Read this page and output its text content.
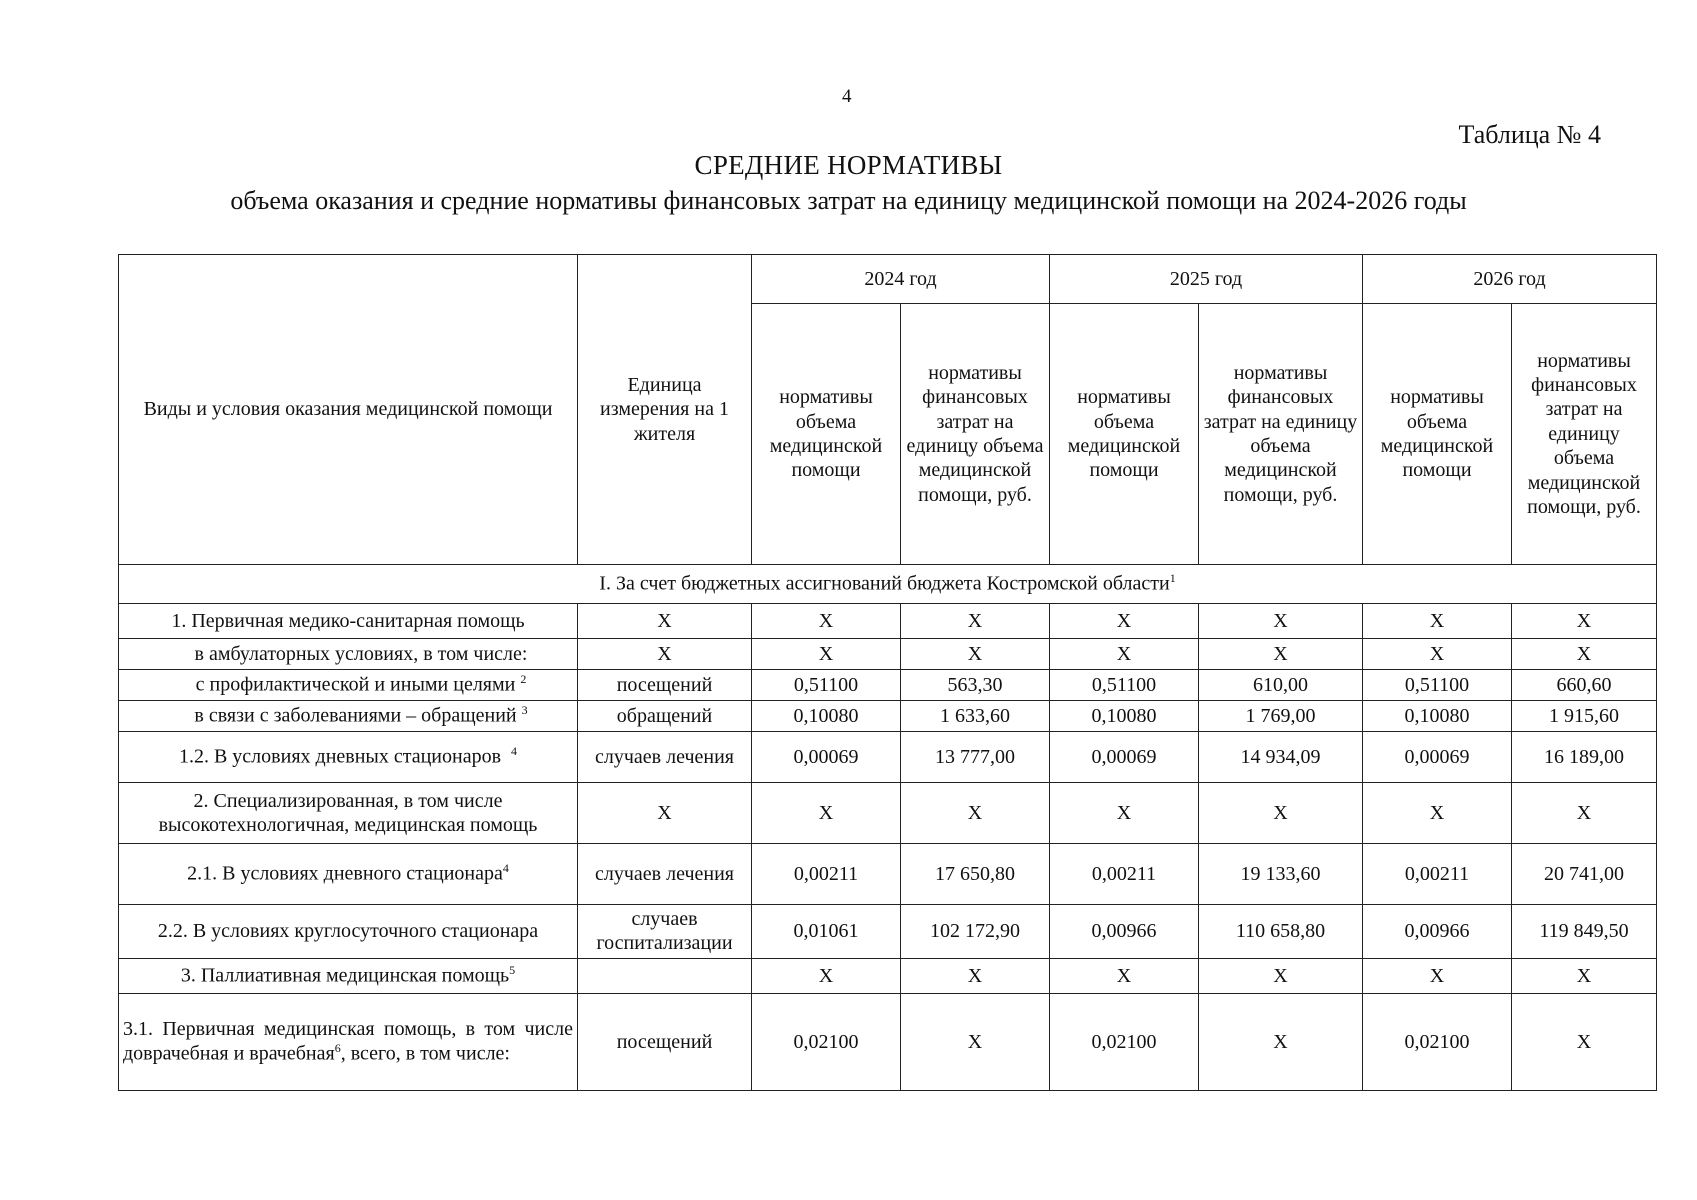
4
Таблица № 4
СРЕДНИЕ НОРМАТИВЫ
объема оказания и средние нормативы финансовых затрат на единицу медицинской помощи на 2024-2026 годы
Виды и условия оказания медицинской помощи	Единица измерения на 1 жителя	2024 год		2025 год		2026 год	
		нормативы объема медицинской помощи	нормативы финансовых затрат на единицу объема медицинской помощи, руб.	нормативы объема медицинской помощи	нормативы финансовых затрат на единицу объема медицинской помощи, руб.	нормативы объема медицинской помощи	нормативы финансовых затрат на единицу объема медицинской помощи, руб.
I. За счет бюджетных ассигнований бюджета Костромской области$^1$
1. Первичная медико-санитарная помощь	X	X	X	X	X	X	X
в амбулаторных условиях, в том числе:	X	X	X	X	X	X	X
с профилактической и иными целями $^2$	посещений	0,51100	563,30	0,51100	610,00	0,51100	660,60
в связи с заболеваниями – обращений $^3$	обращений	0,10080	1 633,60	0,10080	1 769,00	0,10080	1 915,60
1.2. В условиях дневных стационаров $^4$	случаев лечения	0,00069	13 777,00	0,00069	14 934,09	0,00069	16 189,00
2. Специализированная, в том числе высокотехнологичная, медицинская помощь	X	X	X	X	X	X	X
2.1. В условиях дневного стационара$^4$	случаев лечения	0,00211	17 650,80	0,00211	19 133,60	0,00211	20 741,00
2.2. В условиях круглосуточного стационара	случаев госпитализации	0,01061	102 172,90	0,00966	110 658,80	0,00966	119 849,50
3. Паллиативная медицинская помощь$^5$		X	X	X	X	X	X
3.1. Первичная медицинская помощь, в том числе доврачебная и врачебная$^6$, всего, в том числе:	посещений	0,02100	X	0,02100	X	0,02100	X
